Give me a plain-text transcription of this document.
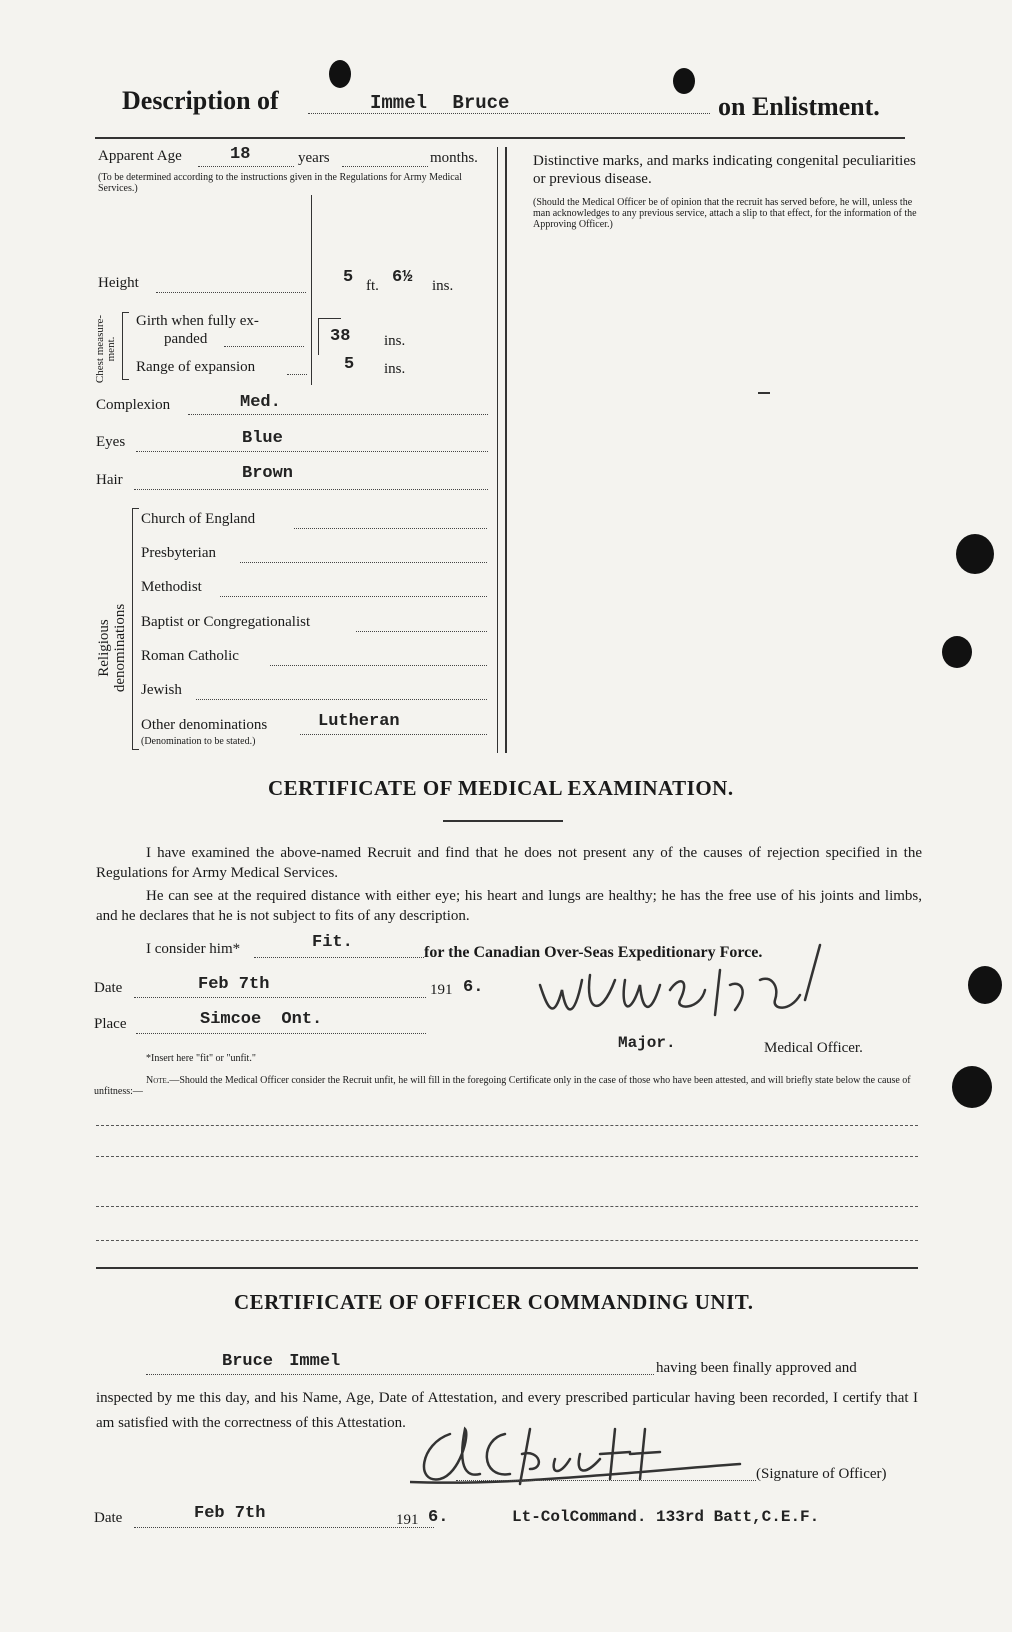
Description of	Immel Bruce	on Enlistment.
Apparent Age	18	years	months.
(To be determined according to the instructions given in the Regulations for Army Medical Services.)
Height	5 ft. 6½ ins.
Chest measure-ment.
Girth when fully ex-
panded	38 ins.
Range of expansion	5 ins.
Complexion	Med.
Eyes	Blue
Hair	Brown
Religious denominations
Church of England
Presbyterian
Methodist
Baptist or Congregationalist
Roman Catholic
Jewish
Other denominations	Lutheran
(Denomination to be stated.)
Distinctive marks, and marks indicating congenital peculiarities or previous disease.
(Should the Medical Officer be of opinion that the recruit has served before, he will, unless the man acknowledges to any previous service, attach a slip to that effect, for the information of the Approving Officer.)
CERTIFICATE OF MEDICAL EXAMINATION.
I have examined the above-named Recruit and find that he does not present any of the causes of rejection specified in the Regulations for Army Medical Services.
He can see at the required distance with either eye; his heart and lungs are healthy; he has the free use of his joints and limbs, and he declares that he is not subject to fits of any description.
I consider him*	Fit.
for the Canadian Over-Seas Expeditionary Force.
Date	Feb 7th	191 6.
Place	Simcoe Ont.
Major.	Medical Officer.
*Insert here "fit" or "unfit."
Note.—Should the Medical Officer consider the Recruit unfit, he will fill in the foregoing Certificate only in the case of those who have been attested, and will briefly state below the cause of unfitness:—
CERTIFICATE OF OFFICER COMMANDING UNIT.
Bruce Immel	having been finally approved and
inspected by me this day, and his Name, Age, Date of Attestation, and every prescribed particular having been recorded, I certify that I am satisfied with the correctness of this Attestation.
(Signature of Officer)
Date	Feb 7th	191 6.	Lt-ColCommand. 133rd Batt,C.E.F.
